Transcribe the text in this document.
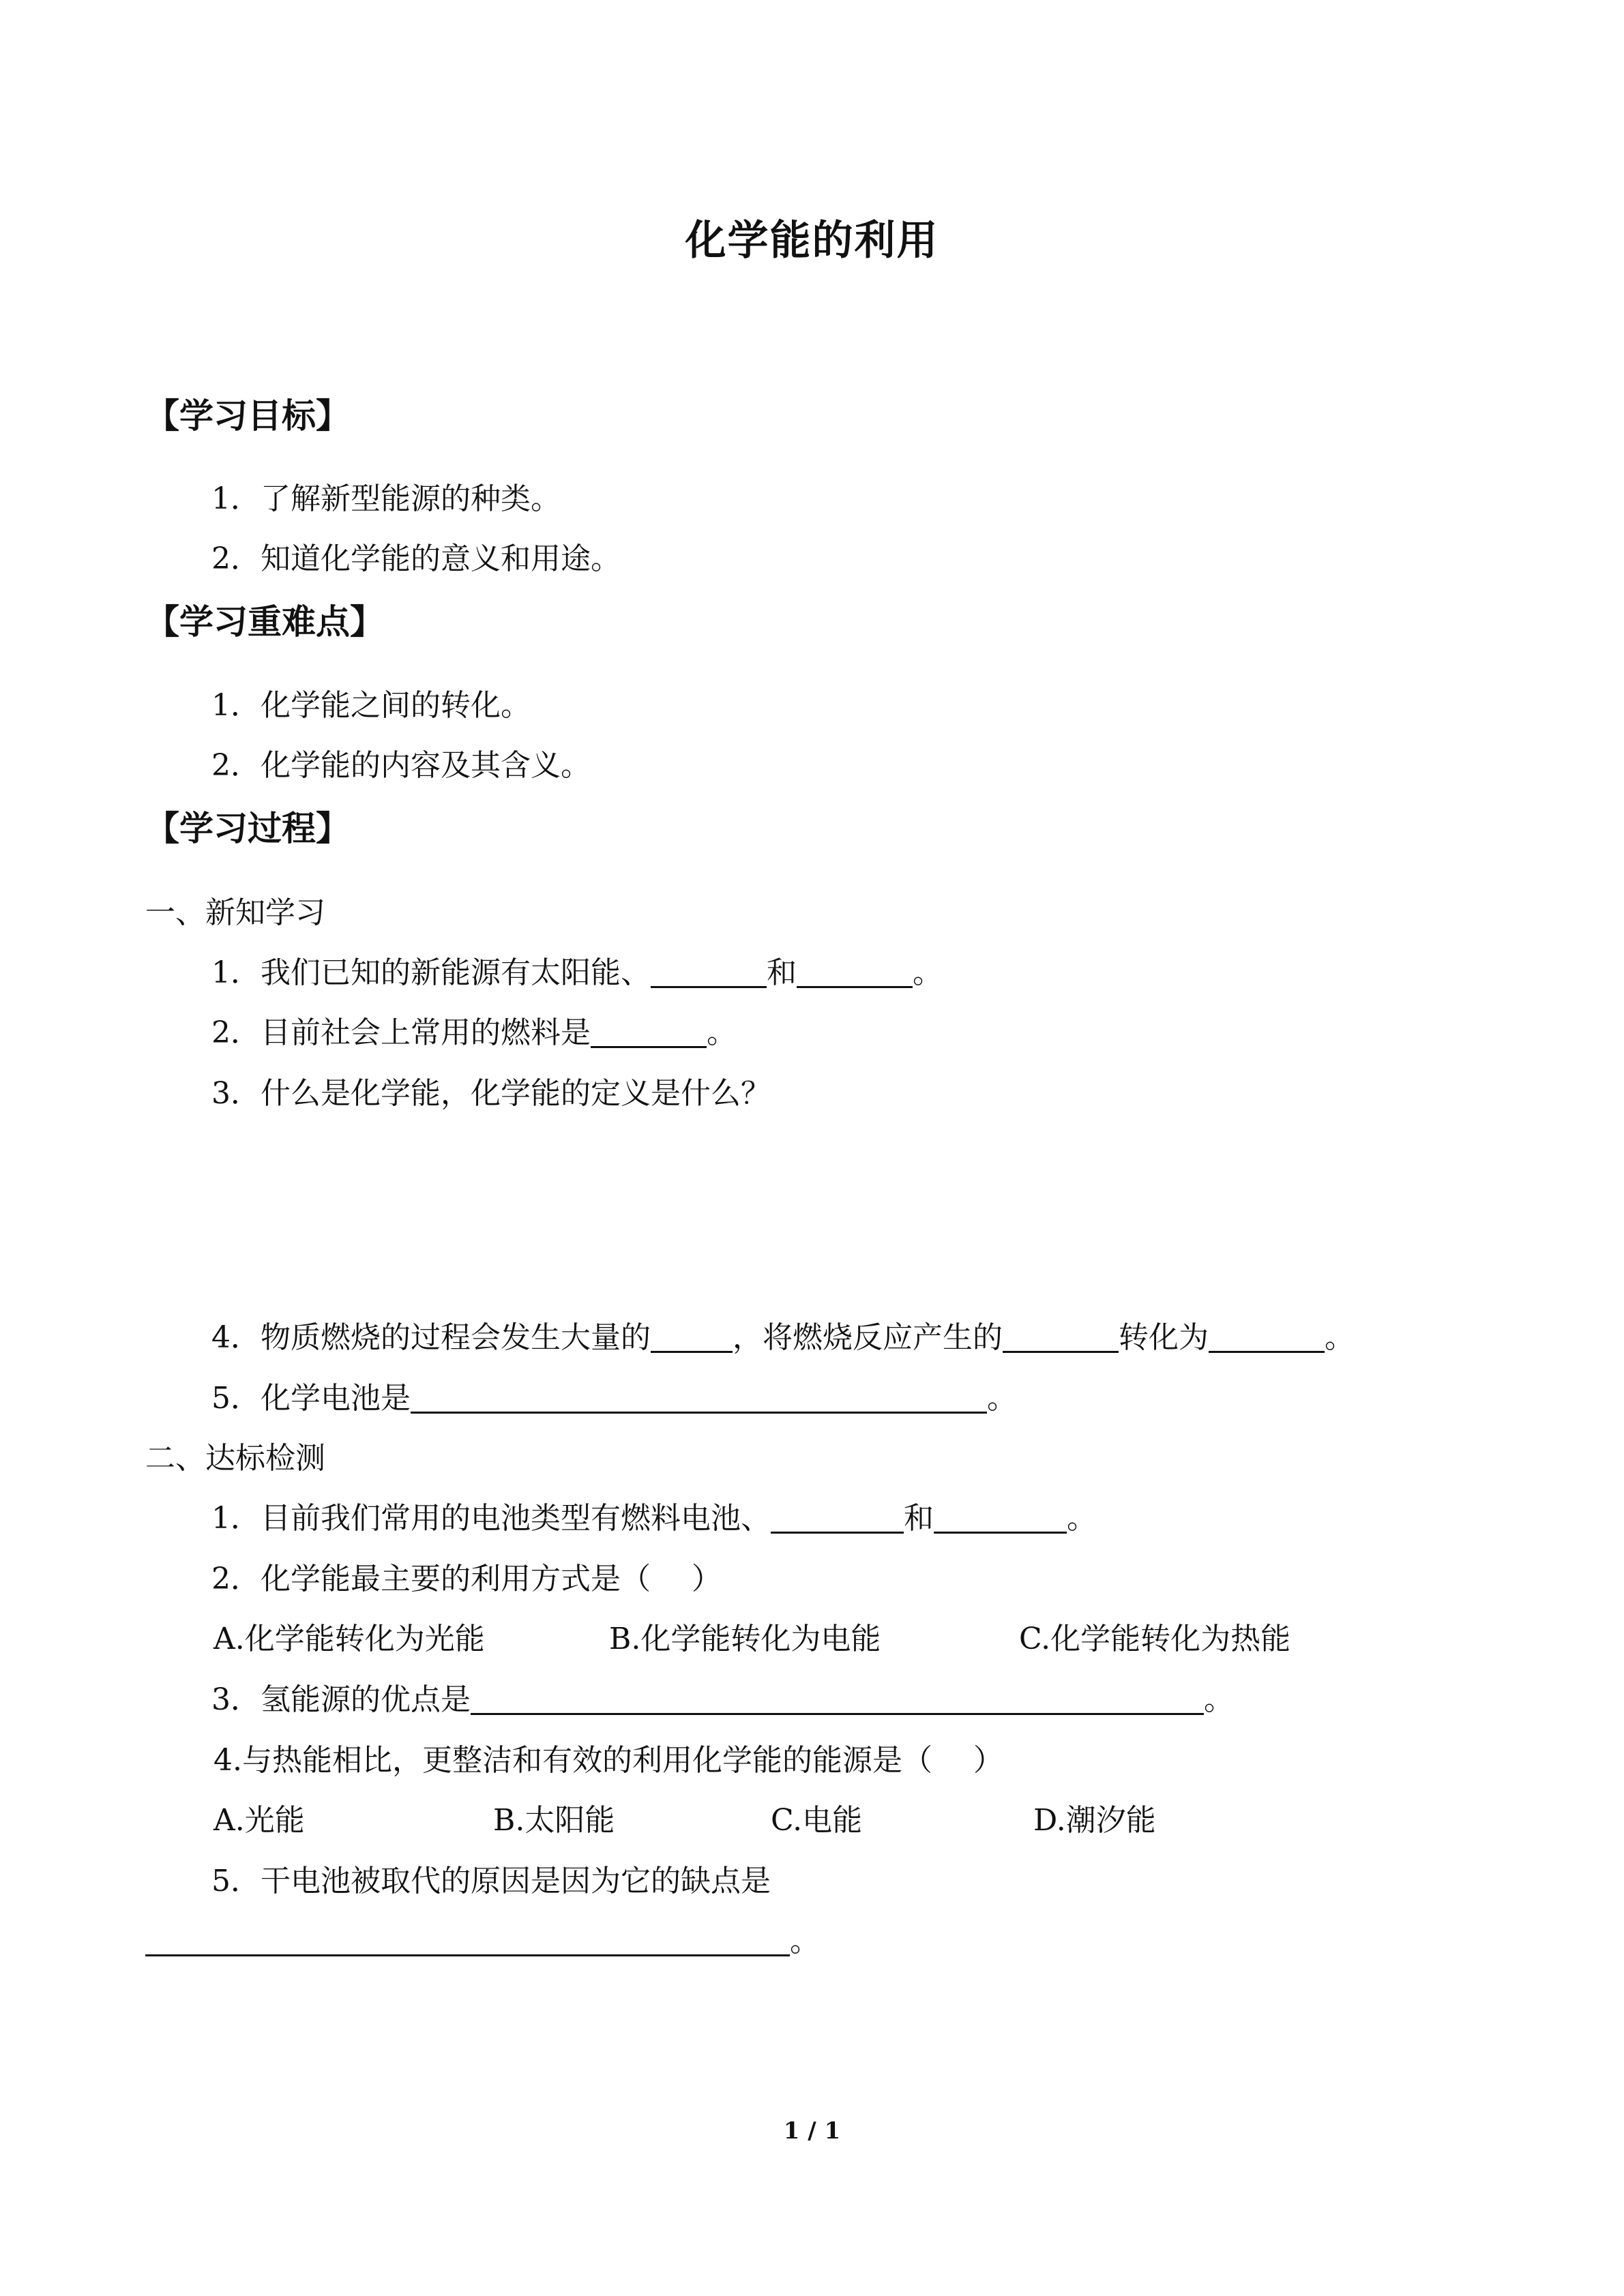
化学能的利用
【学习目标】
1．了解新型能源的种类。
2．知道化学能的意义和用途。
【学习重难点】
1．化学能之间的转化。
2．化学能的内容及其含义。
【学习过程】
一、新知学习
1．我们已知的新能源有太阳能、	和	。
2．目前社会上常用的燃料是	。
3．什么是化学能，化学能的定义是什么？
4．物质燃烧的过程会发生大量的	，将燃烧反应产生的	转化为	。
5．化学电池是	。
二、达标检测
1．目前我们常用的电池类型有燃料电池、	和	。
2．化学能最主要的利用方式是（ ）
A.化学能转化为光能	B.化学能转化为电能	C.化学能转化为热能
3．氢能源的优点是	。
4.与热能相比，更整洁和有效的利用化学能的能源是（ ）
A.光能	B.太阳能	C.电能	D.潮汐能
5．干电池被取代的原因是因为它的缺点是
。
1 / 1
